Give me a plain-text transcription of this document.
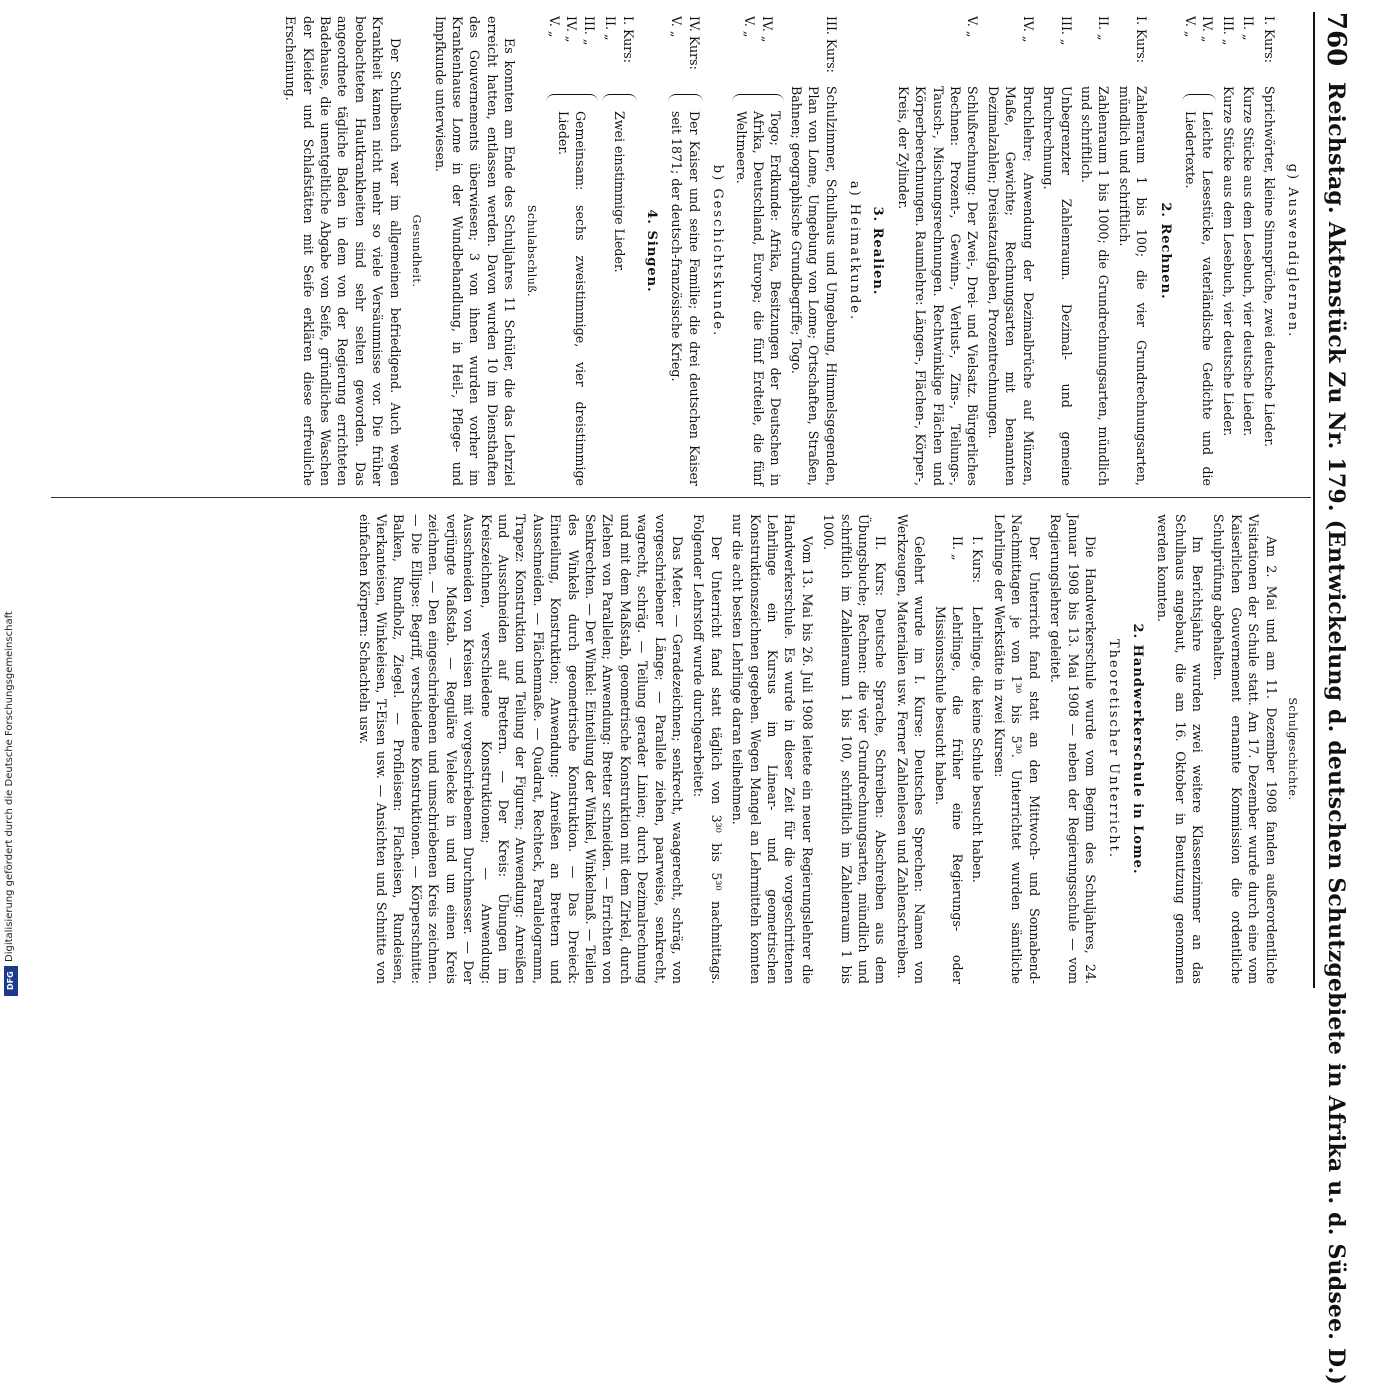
760
Reichstag. Aktenstück Zu Nr. 179. (Entwickelung d. deutschen Schutzgebiete in Afrika u. d. Südsee. D.)
g) Auswendiglernen.
I. Kurs:
Sprichwörter, kleine Sinnsprüche, zwei deutsche Lieder.
II. „
Kurze Stücke aus dem Lesebuch, vier deutsche Lieder.
III. „
Kurze Stücke aus dem Lesebuch, vier deutsche Lieder.
IV. „
V. „
Leichte Lesestücke, vaterländische Gedichte und die Liedertexte.
2. Rechnen.
I. Kurs:
Zahlenraum 1 bis 100; die vier Grundrechnungsarten, mündlich und schriftlich.
II. „
Zahlenraum 1 bis 1000; die Grundrechnungsarten, mündlich und schriftlich.
III. „
Unbegrenzter Zahlenraum. Dezimal- und gemeine Bruchrechnung.
IV. „
Bruchlehre; Anwendung der Dezimalbrüche auf Münzen, Maße, Gewichte; Rechnungsarten mit benannten Dezimalzahlen; Dreisatzaufgaben, Prozentrechnungen.
V. „
Schlußrechnung: Der Zwei-, Drei- und Vielsatz. Bürgerliches Rechnen: Prozent-, Gewinn-, Verlust-, Zins-, Teilungs-, Tausch-, Mischungsrechnungen. Rechtwinklige Flächen und Körperberechnungen. Raumlehre: Längen-, Flächen-, Körper-, Kreis, der Zylinder.
3. Realien.
a) Heimatkunde.
III. Kurs:
Schulzimmer, Schulhaus und Umgebung, Himmelsgegenden, Plan von Lome, Umgebung von Lome; Ortschaften, Straßen, Bahnen; geographische Grundbegriffe; Togo.
IV. „
V. „
Togo; Erdkunde: Afrika, Besitzungen der Deutschen in Afrika, Deutschland, Europa; die fünf Erdteile, die fünf Weltmeere.
b) Geschichtskunde.
IV. Kurs:
V. „
Der Kaiser und seine Familie; die drei deutschen Kaiser seit 1871; der deutsch-französische Krieg.
4. Singen.
I. Kurs:
II. „
Zwei einstimmige Lieder.
III. „
IV. „
V. „
Gemeinsam: sechs zweistimmige, vier dreistimmige Lieder.
Schulabschluß.

Es konnten am Ende des Schuljahres 11 Schüler, die das Lehrziel erreicht hatten, entlassen werden. Davon wurden 10 im Diensthaften des Gouvernements überwiesen; 3 von ihnen wurden vorher im Krankenhause Lome in der Wundbehandlung, in Heil-, Pflege- und Impfkunde unterwiesen.

Gesundheit.

Der Schulbesuch war im allgemeinen befriedigend. Auch wegen Krankheit kamen nicht mehr so viele Versäumnisse vor. Die früher beobachteten Hautkrankheiten sind sehr selten geworden. Das angeordnete tägliche Baden in dem von der Regierung errichteten Badehause, die unentgeltliche Abgabe von Seife, gründliches Waschen der Kleider und Schlafstätten mit Seife erklären diese erfreuliche Erscheinung.

Schulgeschichte.

Am 2. Mai und am 11. Dezember 1908 fanden außerordentliche Visitationen der Schule statt. Am 17. Dezember wurde durch eine vom Kaiserlichen Gouvernement ernannte Kommission die ordentliche Schulprüfung abgehalten.

Im Berichtsjahre wurden zwei weitere Klassenzimmer an das Schulhaus angebaut, die am 16. Oktober in Benutzung genommen werden konnten.

2. Handwerkerschule in Lome.
Theoretischer Unterricht.

Die Handwerkerschule wurde vom Beginn des Schuljahres, 24. Januar 1908 bis 13. Mai 1908 — neben der Regierungsschule — vom Regierungslehrer geleitet.

Der Unterricht fand statt an den Mittwoch- und Sonnabend-Nachmittagen je von 1³⁰ bis 5³⁰. Unterrichtet wurden sämtliche Lehrlinge der Werkstätte in zwei Kursen:

I. Kurs:
Lehrlinge, die keine Schule besucht haben.
II. „
Lehrlinge, die früher eine Regierungs- oder Missionsschule besucht haben.

Gelehrt wurde im I. Kurse: Deutsches Sprechen: Namen von Werkzeugen, Materialien usw. Ferner Zahlenlesen und Zahlenschreiben.

II. Kurs: Deutsche Sprache, Schreiben: Abschreiben aus dem Übungsbuche; Rechnen: die vier Grundrechnungsarten, mündlich und schriftlich im Zahlenraum 1 bis 100, schriftlich im Zahlenraum 1 bis 1000.

Vom 13. Mai bis 26. Juli 1908 leitete ein neuer Regierungslehrer die Handwerkerschule. Es wurde in dieser Zeit für die vorgeschrittenen Lehrlinge ein Kursus im Linear- und geometrischen Konstruktionszeichnen gegeben. Wegen Mangel an Lehrmitteln konnten nur die acht besten Lehrlinge daran teilnehmen.

Der Unterricht fand statt täglich von 3³⁰ bis 5³⁰ nachmittags. Folgender Lehrstoff wurde durchgearbeitet:

Das Meter. — Geradezeichnen; senkrecht, waagerecht, schräg, von vorgeschriebener Länge; — Parallele ziehen, paarweise, senkrecht, wagrecht, schräg. — Teilung gerader Linien; durch Dezimalrechnung und mit dem Maßstab, geometrische Konstruktion mit dem Zirkel, durch Ziehen von Parallelen; Anwendung: Bretter schneiden. — Errichten von Senkrechten. — Der Winkel: Einteilung der Winkel, Winkelmaß. — Teilen des Winkels durch geometrische Konstruktion. — Das Dreieck: Einteilung, Konstruktion; Anwendung: Anreißen an Brettern und Ausschneiden. — Flächenmaße. — Quadrat, Rechteck, Parallelogramm, Trapez: Konstruktion und Teilung der Figuren; Anwendung: Anreißen und Ausschneiden auf Brettern. — Der Kreis: Übungen im Kreiszeichnen, verschiedene Konstruktionen; — Anwendung: Ausschneiden von Kreisen mit vorgeschriebenem Durchmesser. — Der verjüngte Maßstab. — Reguläre Vielecke in und um einen Kreis zeichnen. — Den eingeschriebenen und umschriebenen Kreis zeichnen. — Die Ellipse: Begriff, verschiedene Konstruktionen. — Körperschnitte: Balken, Rundholz, Ziegel. — Profileisen: Flacheisen, Rundeisen, Vierkanteisen, Winkeleisen, T-Eisen usw. — Ansichten und Schnitte von einfachen Körpern: Schachteln usw.

Digitalisierung gefördert durch die Deutsche Forschungsgemeinschaft
DFG
